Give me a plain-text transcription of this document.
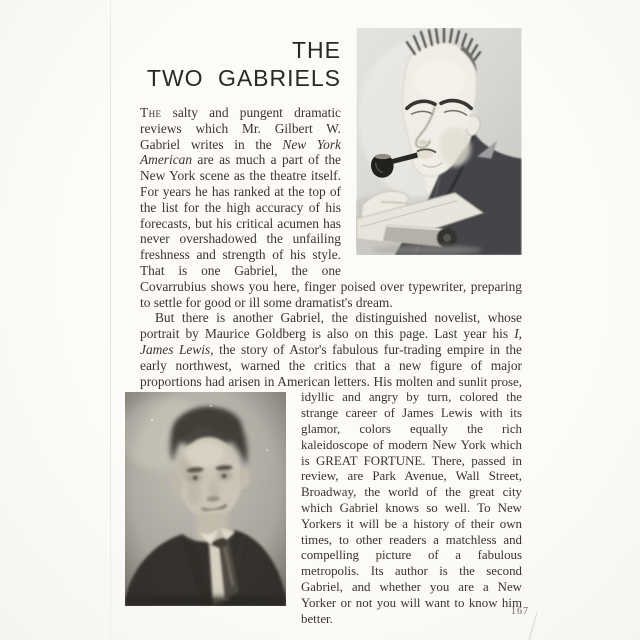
THE
TWO GABRIELS

The salty and pungent dramatic reviews which Mr. Gilbert W. Gabriel writes in the New York American are as much a part of the New York scene as the theatre itself. For years he has ranked at the top of the list for the high accuracy of his forecasts, but his critical acumen has never overshadowed the unfailing freshness and strength of his style. That is one Gabriel, the one Covarrubius shows you here, finger poised over typewriter, preparing to settle for good or ill some dramatist's dream.

But there is another Gabriel, the distinguished novelist, whose portrait by Maurice Goldberg is also on this page. Last year his I, James Lewis, the story of Astor's fabulous fur-trading empire in the early northwest, warned the critics that a new figure of major proportions had arisen in American letters. His molten
and sunlit prose, idyllic and angry by turn, colored the strange career of James Lewis with its glamor, colors equally the rich kaleidoscope of modern New York which is GREAT FORTUNE. There, passed in review, are Park Avenue, Wall Street, Broadway, the world of the great city which Gabriel knows so well. To New Yorkers it will be a history of their own times, to other readers a matchless and compelling picture of a fabulous metropolis. Its author is the second Gabriel, and whether you are a New Yorker or not you will want to know him better.	167
